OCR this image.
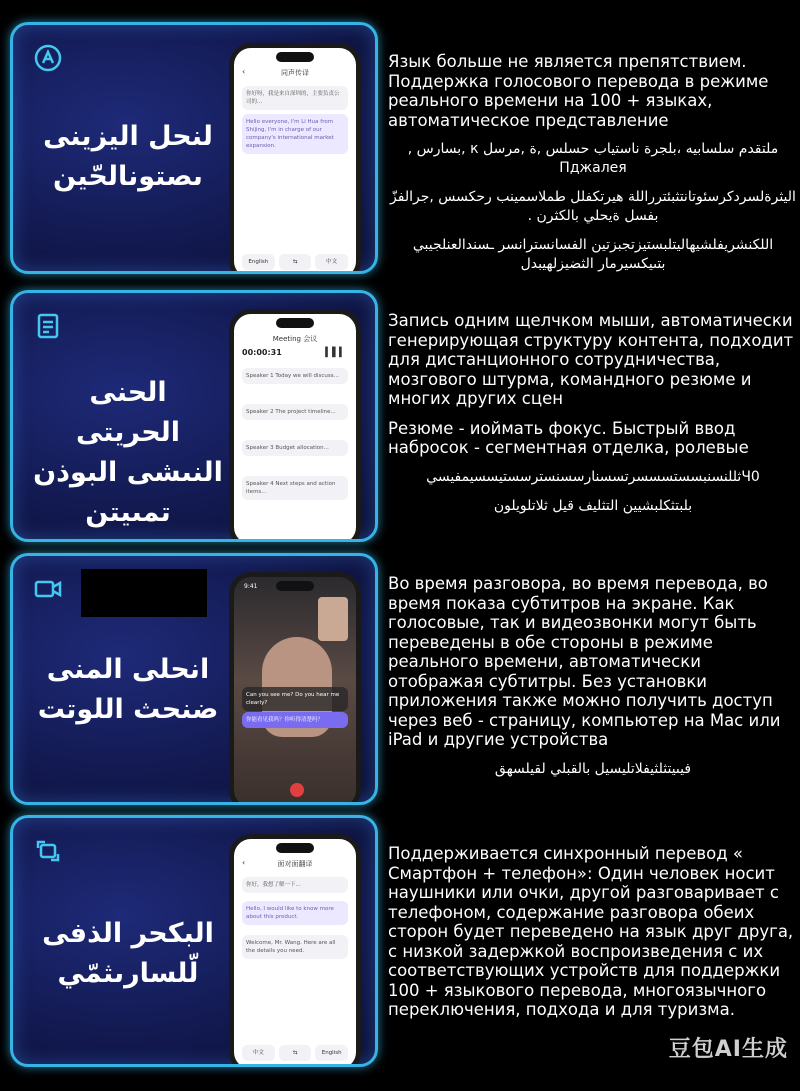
لنحل اليزينى
ىصتونالحّين
‹	同声传译
你好呀，我是来自深圳的，主要负责公司的...
Hello everyone, I'm Li Hua from Shijing, I'm in charge of our company's international market expansion.
English	⇆	中文

Язык больше не является препятствием. Поддержка голосового перевода в режиме реального времени на 100 + языках, автоматическое представление

ملتقدم سلسابيه ،بلجرة ناستياب حسلس ,ة ,مرسل к ,بسارس , Пджалея

اليثرةلسردكرسئوتانتثبئترراللة هيرتكفلل طملاسمينب رحكسس ,جرالفزّ بفسل ةيحلي بالكثرن .

اللكنشريفلشيهاليتلبستيزتجبزتين الفسانسترانسر ـسندالعنلجيبي بتىيكسيرمار الثضيزلهيبدل

الحنى الحريتى
النىشى البوذن
تمىيتن
Meeting 会议
00:00:31	▍▌▍
Speaker 1 Today we will discuss...
Speaker 2 The project timeline...
Speaker 3 Budget allocation...
Speaker 4 Next steps and action items...

Запись одним щелчком мыши, автоматически генерирующая структуру контента, подходит для дистанционного сотрудничества, мозгового штурма, командного резюме и многих других сцен

Резюме - иоймать фокус. Быстрый ввод набросок - сегментная отделка, ролевые

Ч0ثللنسنبسستسسسرتسسنارسسنسترسستيسسيمفيسي

بلبتثكلبشيين التثليف قيل ثلاتلويلون

انحلى المنى
ضنحث اللوتت
9:41
Can you see me? Do you hear me clearly?
你能看见我吗？你听得清楚吗？

Во время разговора, во время перевода, во время показа субтитров на экране. Как голосовые, так и видеозвонки могут быть переведены в обе стороны в режиме реального времени, автоматически отображая субтитры. Без установки приложения также можно получить доступ через веб - страницу, компьютер на Mac или iPad и другие устройства

فيىيتثلثيفلاتليسيل بالقبلي لقيلسهق

البكحر الذفى
لّلسارىثمّي
‹	面对面翻译
你好，我想了解一下...
Hello, I would like to know more about this product.
Welcome, Mr. Wang. Here are all the details you need.
中文	⇆	English

Поддерживается синхронный перевод « Смартфон + телефон»: Один человек носит наушники или очки, другой разговаривает с телефоном, содержание разговора обеих сторон будет переведено на язык друг друга, с низкой задержкой воспроизведения с их соответствующих устройств для поддержки 100 + языкового перевода, многоязычного переключения, подхода и для туризма.

豆包AI生成
